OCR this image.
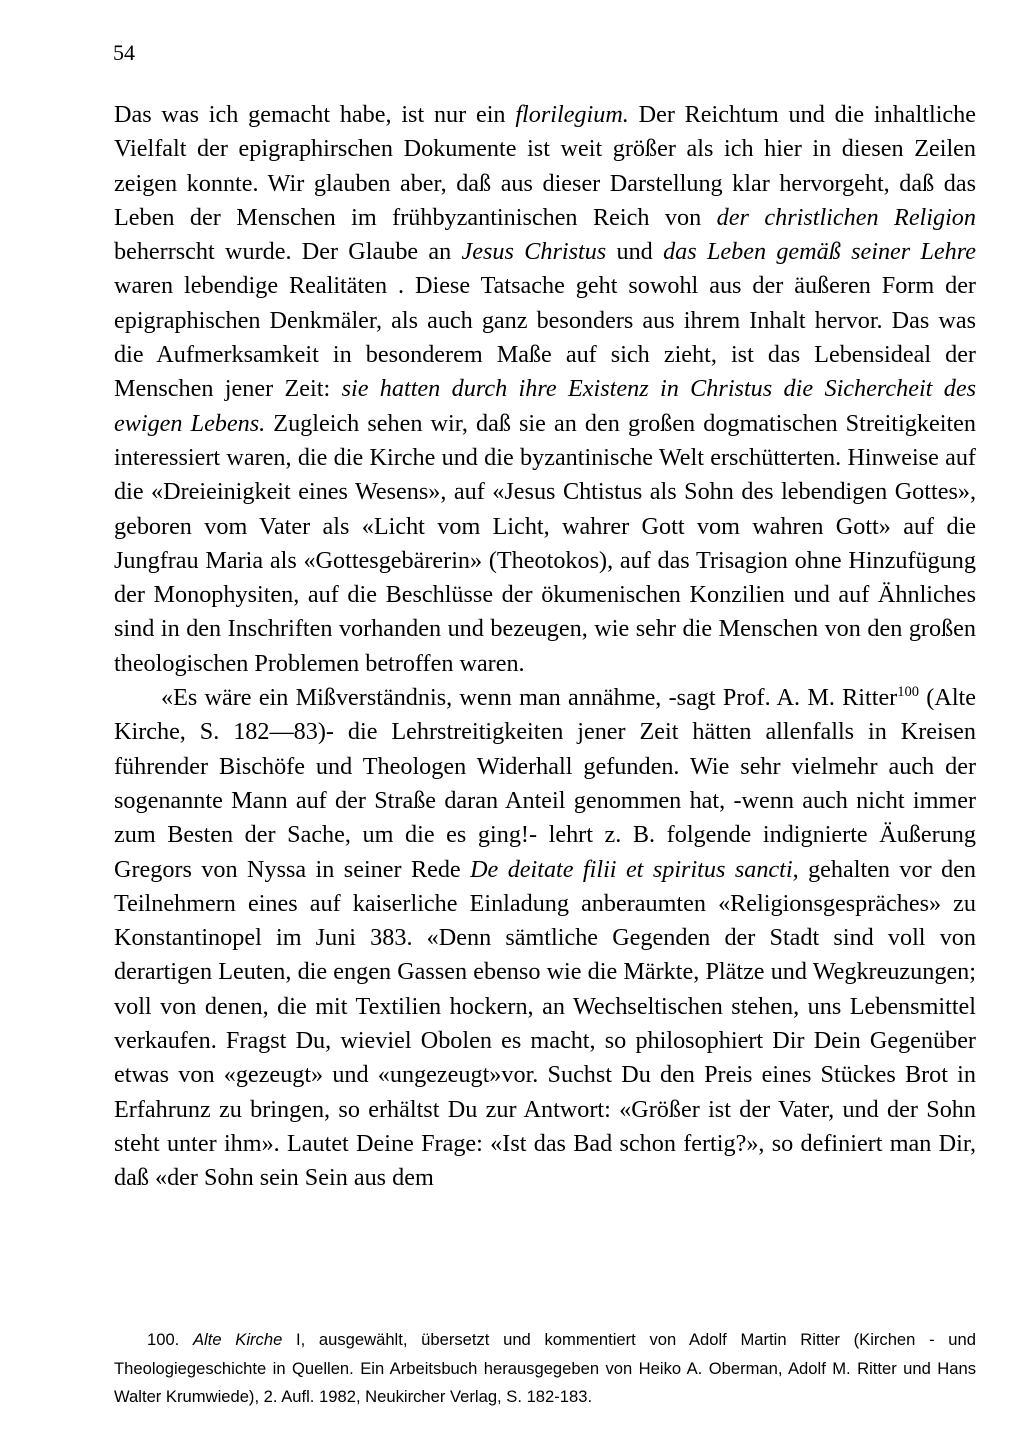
54

Das was ich gemacht habe, ist nur ein florilegium. Der Reichtum und die inhaltliche Vielfalt der epigraphirschen Dokumente ist weit größer als ich hier in diesen Zeilen zeigen konnte. Wir glauben aber, daß aus dieser Darstellung klar hervorgeht, daß das Leben der Menschen im frühbyzantinischen Reich von der christlichen Religion beherrscht wurde. Der Glaube an Jesus Christus und das Leben gemäß seiner Lehre waren lebendige Realitäten . Diese Tatsache geht sowohl aus der äußeren Form der epigraphischen Denkmäler, als auch ganz besonders aus ihrem Inhalt hervor. Das was die Aufmerksamkeit in besonderem Maße auf sich zieht, ist das Lebensideal der Menschen jener Zeit: sie hatten durch ihre Existenz in Christus die Sichercheit des ewigen Lebens. Zugleich sehen wir, daß sie an den großen dogmatischen Streitigkeiten interessiert waren, die die Kirche und die byzantinische Welt erschütterten. Hinweise auf die «Dreieinigkeit eines Wesens», auf «Jesus Chtistus als Sohn des lebendigen Gottes», geboren vom Vater als «Licht vom Licht, wahrer Gott vom wahren Gott» auf die Jungfrau Maria als «Gottesgebärerin» (Theotokos), auf das Trisagion ohne Hinzufügung der Monophysiten, auf die Beschlüsse der ökumenischen Konzilien und auf Ähnliches sind in den Inschriften vorhanden und bezeugen, wie sehr die Menschen von den großen theologischen Problemen betroffen waren.

«Es wäre ein Mißverständnis, wenn man annähme, -sagt Prof. A. M. Ritter$^{100}$ (Alte Kirche, S. 182—83)- die Lehrstreitigkeiten jener Zeit hätten allenfalls in Kreisen führender Bischöfe und Theologen Widerhall gefunden. Wie sehr vielmehr auch der sogenannte Mann auf der Straße daran Anteil genommen hat, -wenn auch nicht immer zum Besten der Sache, um die es ging!- lehrt z. B. folgende indignierte Äußerung Gregors von Nyssa in seiner Rede De deitate filii et spiritus sancti, gehalten vor den Teilnehmern eines auf kaiserliche Einladung anberaumten «Religionsgespräches» zu Konstantinopel im Juni 383. «Denn sämtliche Gegenden der Stadt sind voll von derartigen Leuten, die engen Gassen ebenso wie die Märkte, Plätze und Wegkreuzungen; voll von denen, die mit Textilien hockern, an Wechseltischen stehen, uns Lebensmittel verkaufen. Fragst Du, wieviel Obolen es macht, so philosophiert Dir Dein Gegenüber etwas von «gezeugt» und «ungezeugt»vor. Suchst Du den Preis eines Stückes Brot in Erfahrunz zu bringen, so erhältst Du zur Antwort: «Größer ist der Vater, und der Sohn steht unter ihm». Lautet Deine Frage: «Ist das Bad schon fertig?», so definiert man Dir, daß «der Sohn sein Sein aus dem

100. Alte Kirche I, ausgewählt, übersetzt und kommentiert von Adolf Martin Ritter (Kirchen - und Theologiegeschichte in Quellen. Ein Arbeitsbuch herausgegeben von Heiko A. Oberman, Adolf M. Ritter und Hans Walter Krumwiede), 2. Aufl. 1982, Neukircher Verlag, S. 182-183.
